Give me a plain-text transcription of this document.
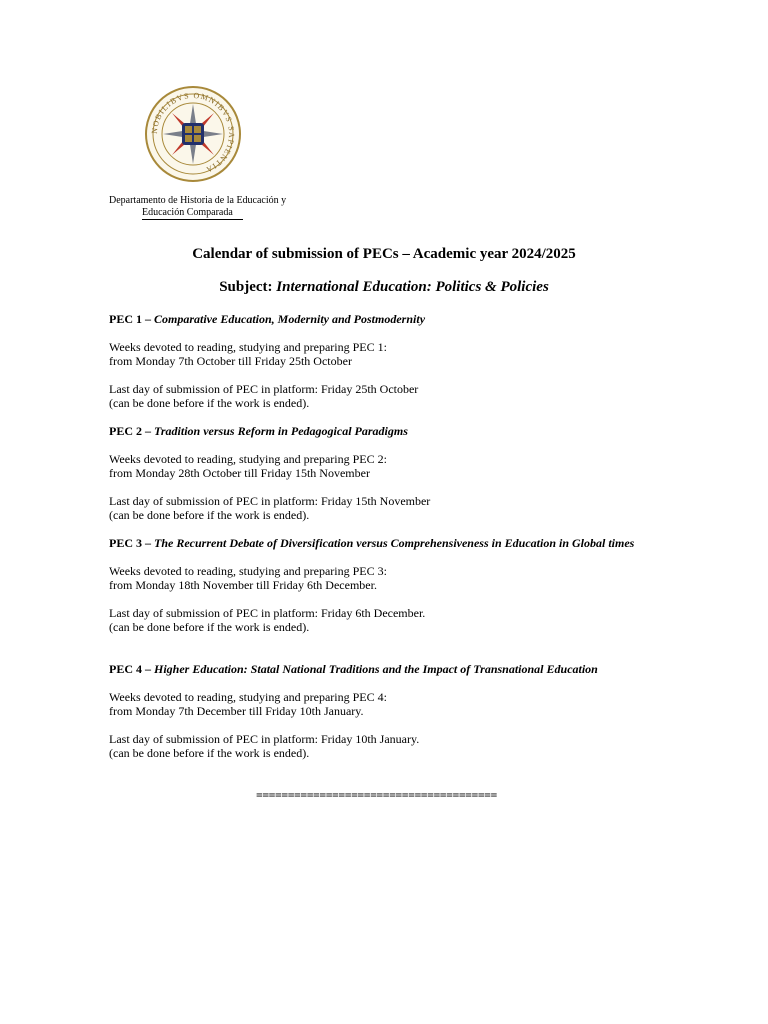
NOBILIBVS OMNIBVS SAPIENTIA
Departamento de Historia de la Educación y
Educación Comparada
Calendar of submission of PECs – Academic year 2024/2025
Subject: International Education: Politics & Policies

PEC 1 – Comparative Education, Modernity and Postmodernity

Weeks devoted to reading, studying and preparing PEC 1:

from Monday 7th October till Friday 25th October

Last day of submission of PEC in platform: Friday 25th October

(can be done before if the work is ended).

PEC 2 – Tradition versus Reform in Pedagogical Paradigms

Weeks devoted to reading, studying and preparing PEC 2:

from Monday 28th October till Friday 15th November

Last day of submission of PEC in platform: Friday 15th November

(can be done before if the work is ended).

PEC 3 – The Recurrent Debate of Diversification versus Comprehensiveness in Education in Global times

Weeks devoted to reading, studying and preparing PEC 3:

from Monday 18th November till Friday 6th December.

Last day of submission of PEC in platform: Friday 6th December.

(can be done before if the work is ended).

PEC 4 – Higher Education: Statal National Traditions and the Impact of Transnational Education

Weeks devoted to reading, studying and preparing PEC 4:

from Monday 7th December till Friday 10th January.

Last day of submission of PEC in platform: Friday 10th January.

(can be done before if the work is ended).

======================================
